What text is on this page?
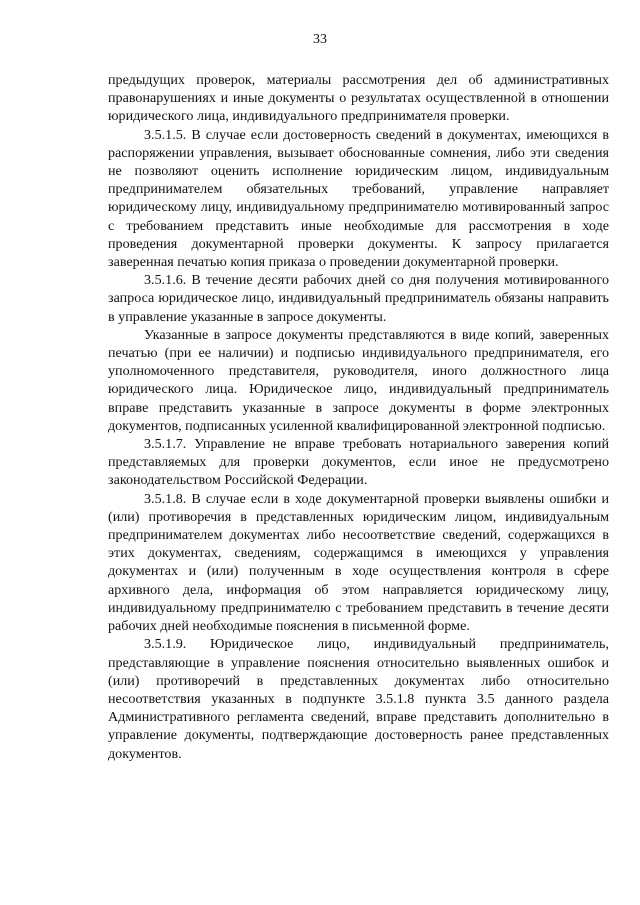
33

предыдущих проверок, материалы рассмотрения дел об административных правонарушениях и иные документы о результатах осуществленной в отношении юридического лица, индивидуального предпринимателя проверки.

3.5.1.5. В случае если достоверность сведений в документах, имеющихся в распоряжении управления, вызывает обоснованные сомнения, либо эти сведения не позволяют оценить исполнение юридическим лицом, индивидуальным предпринимателем обязательных требований, управление направляет юридическому лицу, индивидуальному предпринимателю мотивированный запрос с требованием представить иные необходимые для рассмотрения в ходе проведения документарной проверки документы. К запросу прилагается заверенная печатью копия приказа о проведении документарной проверки.

3.5.1.6. В течение десяти рабочих дней со дня получения мотивированного запроса юридическое лицо, индивидуальный предприниматель обязаны направить в управление указанные в запросе документы.

Указанные в запросе документы представляются в виде копий, заверенных печатью (при ее наличии) и подписью индивидуального предпринимателя, его уполномоченного представителя, руководителя, иного должностного лица юридического лица. Юридическое лицо, индивидуальный предприниматель вправе представить указанные в запросе документы в форме электронных документов, подписанных усиленной квалифицированной электронной подписью.

3.5.1.7. Управление не вправе требовать нотариального заверения копий представляемых для проверки документов, если иное не предусмотрено законодательством Российской Федерации.

3.5.1.8. В случае если в ходе документарной проверки выявлены ошибки и (или) противоречия в представленных юридическим лицом, индивидуальным предпринимателем документах либо несоответствие сведений, содержащихся в этих документах, сведениям, содержащимся в имеющихся у управления документах и (или) полученным в ходе осуществления контроля в сфере архивного дела, информация об этом направляется юридическому лицу, индивидуальному предпринимателю с требованием представить в течение десяти рабочих дней необходимые пояснения в письменной форме.

3.5.1.9. Юридическое лицо, индивидуальный предприниматель, представляющие в управление пояснения относительно выявленных ошибок и (или) противоречий в представленных документах либо относительно несоответствия указанных в подпункте 3.5.1.8 пункта 3.5 данного раздела Административного регламента сведений, вправе представить дополнительно в управление документы, подтверждающие достоверность ранее представленных документов.
